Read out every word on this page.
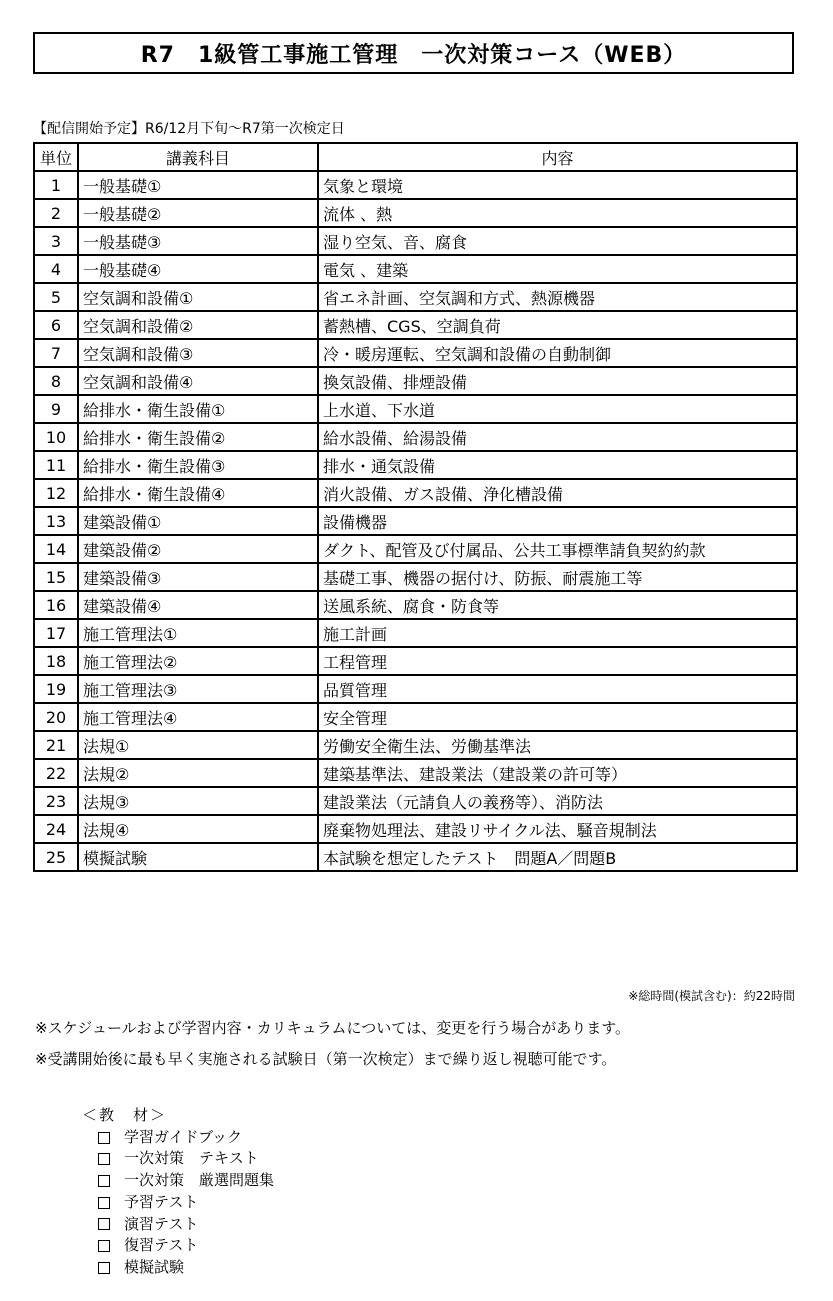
R7　1級管工事施工管理　一次対策コース（WEB）
【配信開始予定】R6/12月下旬～R7第一次検定日
単位	講義科目	内容
1	一般基礎①	気象と環境
2	一般基礎②	流体 、熱
3	一般基礎③	湿り空気、音、腐食
4	一般基礎④	電気 、建築
5	空気調和設備①	省エネ計画、空気調和方式、熱源機器
6	空気調和設備②	蓄熱槽、CGS、空調負荷
7	空気調和設備③	冷・暖房運転、空気調和設備の自動制御
8	空気調和設備④	換気設備、排煙設備
9	給排水・衛生設備①	上水道、下水道
10	給排水・衛生設備②	給水設備、給湯設備
11	給排水・衛生設備③	排水・通気設備
12	給排水・衛生設備④	消火設備、ガス設備、浄化槽設備
13	建築設備①	設備機器
14	建築設備②	ダクト、配管及び付属品、公共工事標準請負契約約款
15	建築設備③	基礎工事、機器の据付け、防振、耐震施工等
16	建築設備④	送風系統、腐食・防食等
17	施工管理法①	施工計画
18	施工管理法②	工程管理
19	施工管理法③	品質管理
20	施工管理法④	安全管理
21	法規①	労働安全衛生法、労働基準法
22	法規②	建築基準法、建設業法（建設業の許可等）
23	法規③	建設業法（元請負人の義務等）、消防法
24	法規④	廃棄物処理法、建設リサイクル法、騒音規制法
25	模擬試験	本試験を想定したテスト　問題A／問題B
※総時間(模試含む)：約22時間
※スケジュールおよび学習内容・カリキュラムについては、変更を行う場合があります。
※受講開始後に最も早く実施される試験日（第一次検定）まで繰り返し視聴可能です。
＜教　材＞
学習ガイドブック
一次対策　テキスト
一次対策　厳選問題集
予習テスト
演習テスト
復習テスト
模擬試験
